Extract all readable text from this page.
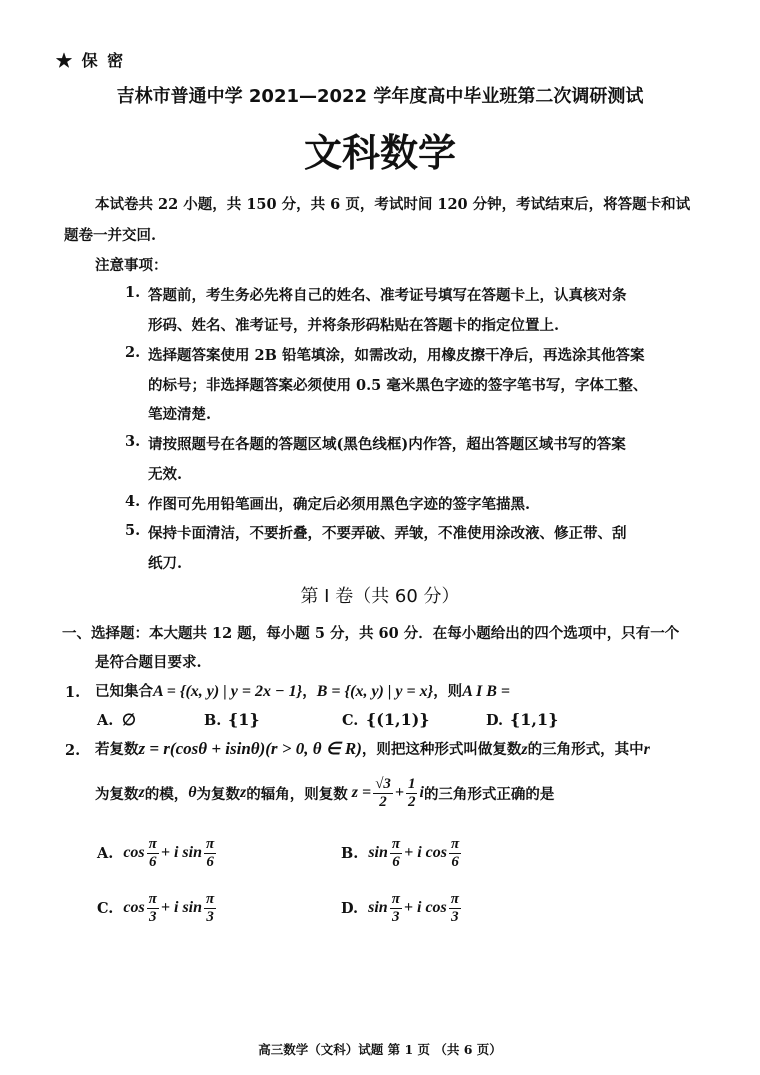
★ 保 密
吉林市普通中学 2021—2022 学年度高中毕业班第二次调研测试
文科数学
本试卷共 22 小题，共 150 分，共 6 页，考试时间 120 分钟，考试结束后，将答题卡和试
题卷一并交回.
注意事项：
1. 答题前，考生务必先将自己的姓名、准考证号填写在答题卡上，认真核对条
形码、姓名、准考证号，并将条形码粘贴在答题卡的指定位置上.
2. 选择题答案使用 2B 铅笔填涂，如需改动，用橡皮擦干净后，再选涂其他答案
的标号；非选择题答案必须使用 0.5 毫米黑色字迹的签字笔书写，字体工整、
笔迹清楚.
3. 请按照题号在各题的答题区域(黑色线框)内作答，超出答题区域书写的答案
无效.
4. 作图可先用铅笔画出，确定后必须用黑色字迹的签字笔描黑.
5. 保持卡面清洁，不要折叠，不要弄破、弄皱，不准使用涂改液、修正带、刮
纸刀.
第 I 卷（共 60 分）
一、选择题：本大题共 12 题，每小题 5 分，共 60 分．在每小题给出的四个选项中，只有一个
是符合题目要求.
1. 已知集合 A = {(x, y) | y = 2x − 1} ， B = {(x, y) | y = x} ，则 A I B =
A. ∅	B. {1}	C. {(1,1)}	D. {1,1}
2. 若复数 z = r(cosθ + isinθ)(r > 0, θ ∈ R) ，则把这种形式叫做复数 z 的三角形式，其中 r
为复数 z 的模， θ 为复数 z 的辐角，则复数 $z = \frac{√3}{2} + \frac{1}{2}$ i 的三角形式正确的是
A. $\cos \frac{\pi}{6} + i$ $\sin \frac{\pi}{6}$	B. $\sin \frac{\pi}{6} + i$ $\cos \frac{\pi}{6}$
C. $\cos \frac{\pi}{3} + i$ $\sin \frac{\pi}{3}$	D. $\sin \frac{\pi}{3} + i$ $\cos \frac{\pi}{3}$
高三数学（文科）试题 第 1 页 （共 6 页）
